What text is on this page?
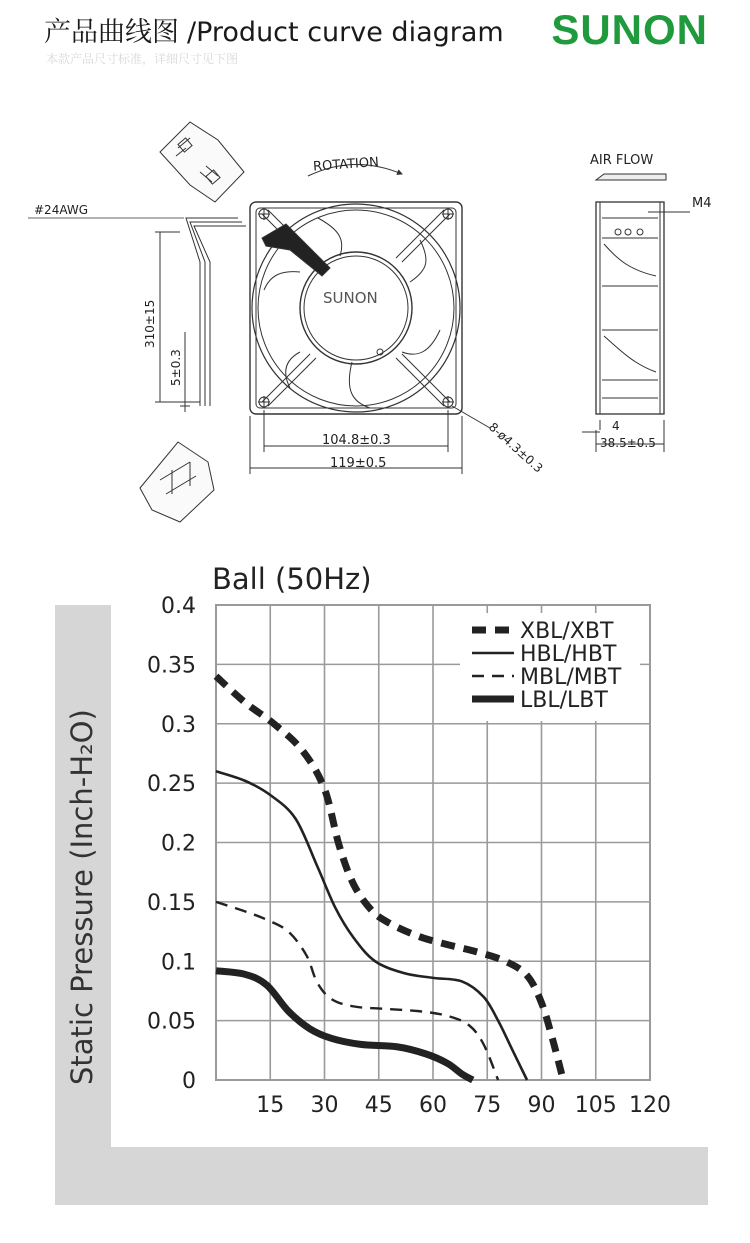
产品曲线图 /Product curve diagram
本款产品尺寸标准，详细尺寸见下图
SUNON
ROTATION	AIR FLOW
#24AWG
SUNON
M4
310±15
5±0.3
104.8±0.3
119±0.5	8-ø4.3±0.3	4
38.5±0.5
Ball (50Hz)
Static Pressure (Inch-H₂O)	0
0.05
0.1
0.15
0.2
0.25
0.3
0.35
0.4
15 30 45 60 75 90 105 120
XBL/XBT
HBL/HBT
MBL/MBT
LBL/LBT
